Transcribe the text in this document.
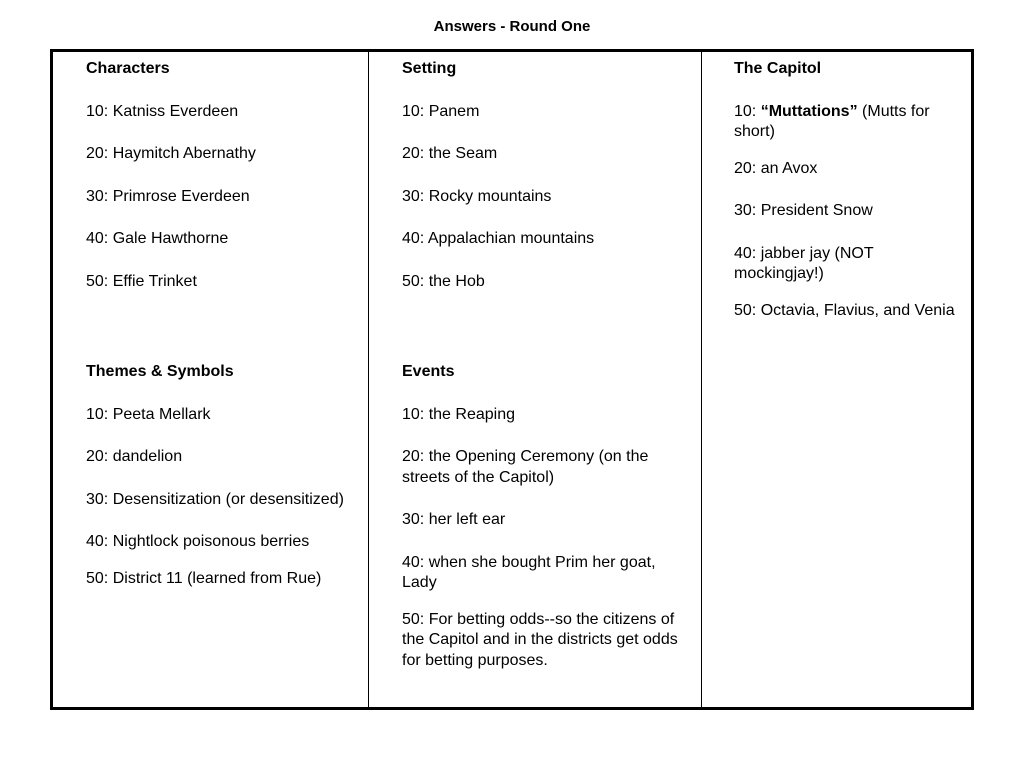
Answers - Round One
Characters
10: Katniss Everdeen
20: Haymitch Abernathy
30: Primrose Everdeen
40: Gale Hawthorne
50: Effie Trinket
Themes & Symbols
10: Peeta Mellark
20: dandelion
30: Desensitization (or desensitized)
40: Nightlock poisonous berries
50: District 11 (learned from Rue)
Setting
10: Panem
20: the Seam
30: Rocky mountains
40: Appalachian mountains
50: the Hob
Events
10: the Reaping
20: the Opening Ceremony (on the streets of the Capitol)
30: her left ear
40: when she bought Prim her goat, Lady
50: For betting odds--so the citizens of the Capitol and in the districts get odds for betting purposes.
The Capitol
10: “Muttations” (Mutts for short)
20: an Avox
30: President Snow
40: jabber jay (NOT mockingjay!)
50: Octavia, Flavius, and Venia
